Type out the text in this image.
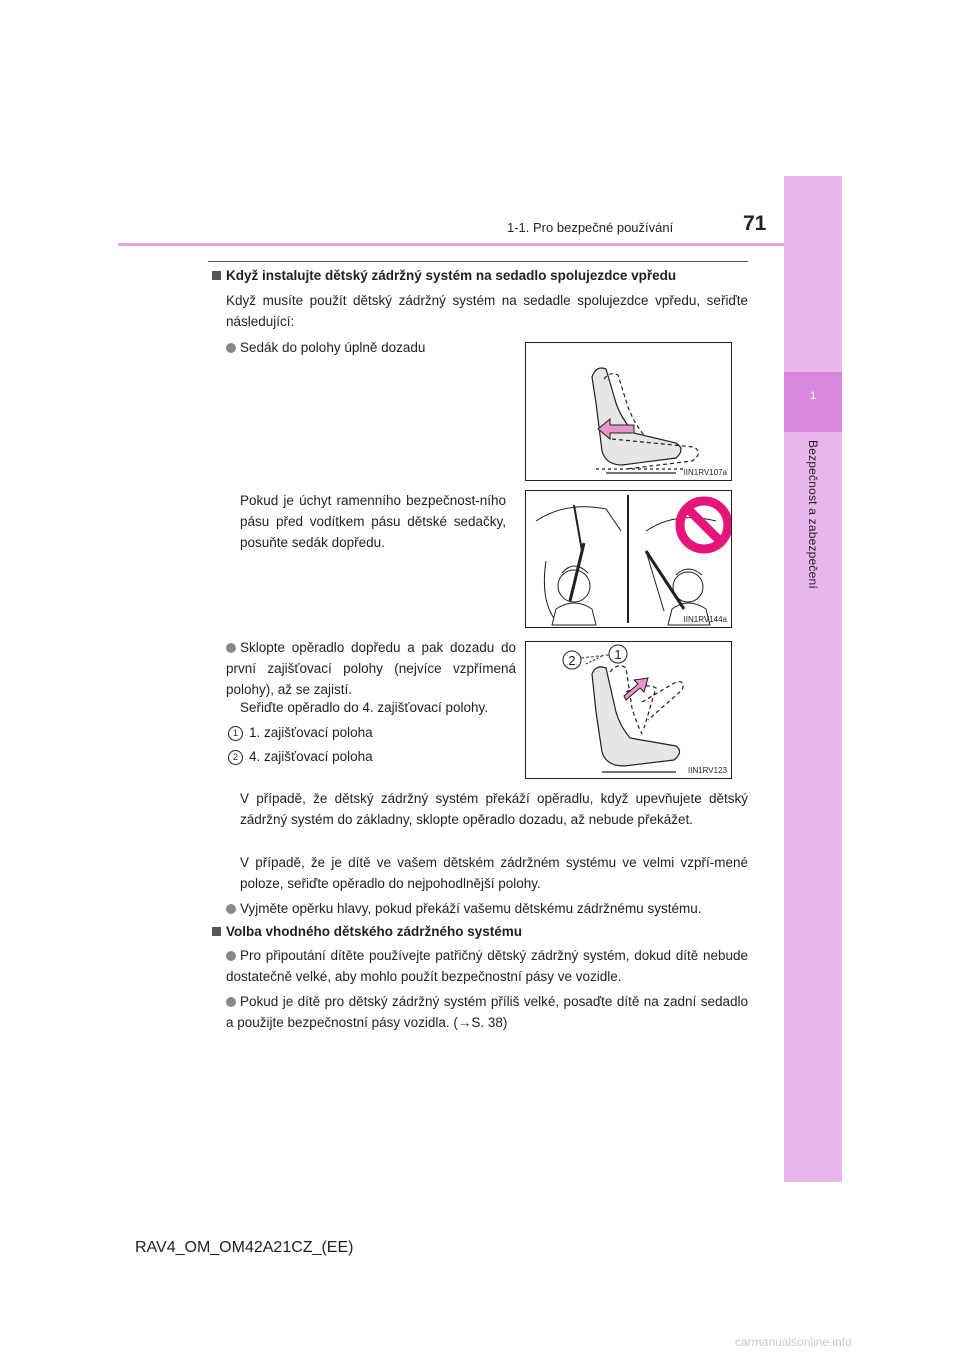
1
Bezpečnost a zabezpečení
1-1. Pro bezpečné používání	71
Když instalujte dětský zádržný systém na sedadlo spolujezdce vpředu
Když musíte použít dětský zádržný systém na sedadle spolujezdce vpředu, seřiďte následující:
Sedák do polohy úplně dozadu
Pokud je úchyt ramenního bezpečnost-ního pásu před vodítkem pásu dětské sedačky, posuňte sedák dopředu.
Sklopte opěradlo dopředu a pak dozadu do první zajišťovací polohy (nejvíce vzpřímená polohy), až se zajistí.
Seřiďte opěradlo do 4. zajišťovací polohy.
1 1. zajišťovací poloha
2 4. zajišťovací poloha
V případě, že dětský zádržný systém překáží opěradlu, když upevňujete dětský zádržný systém do základny, sklopte opěradlo dozadu, až nebude překážet.
V případě, že je dítě ve vašem dětském zádržném systému ve velmi vzpří-mené poloze, seřiďte opěradlo do nejpohodlnější polohy.
Vyjměte opěrku hlavy, pokud překáží vašemu dětskému zádržnému systému.
Volba vhodného dětského zádržného systému
Pro připoutání dítěte používejte patřičný dětský zádržný systém, dokud dítě nebude dostatečně velké, aby mohlo použít bezpečnostní pásy ve vozidle.
Pokud je dítě pro dětský zádržný systém příliš velké, posaďte dítě na zadní sedadlo a použijte bezpečnostní pásy vozidla. (→S. 38)
IIN1RV107a
IIN1RV144a
2	1
IIN1RV123
RAV4_OM_OM42A21CZ_(EE)
carmanualsonline.info
